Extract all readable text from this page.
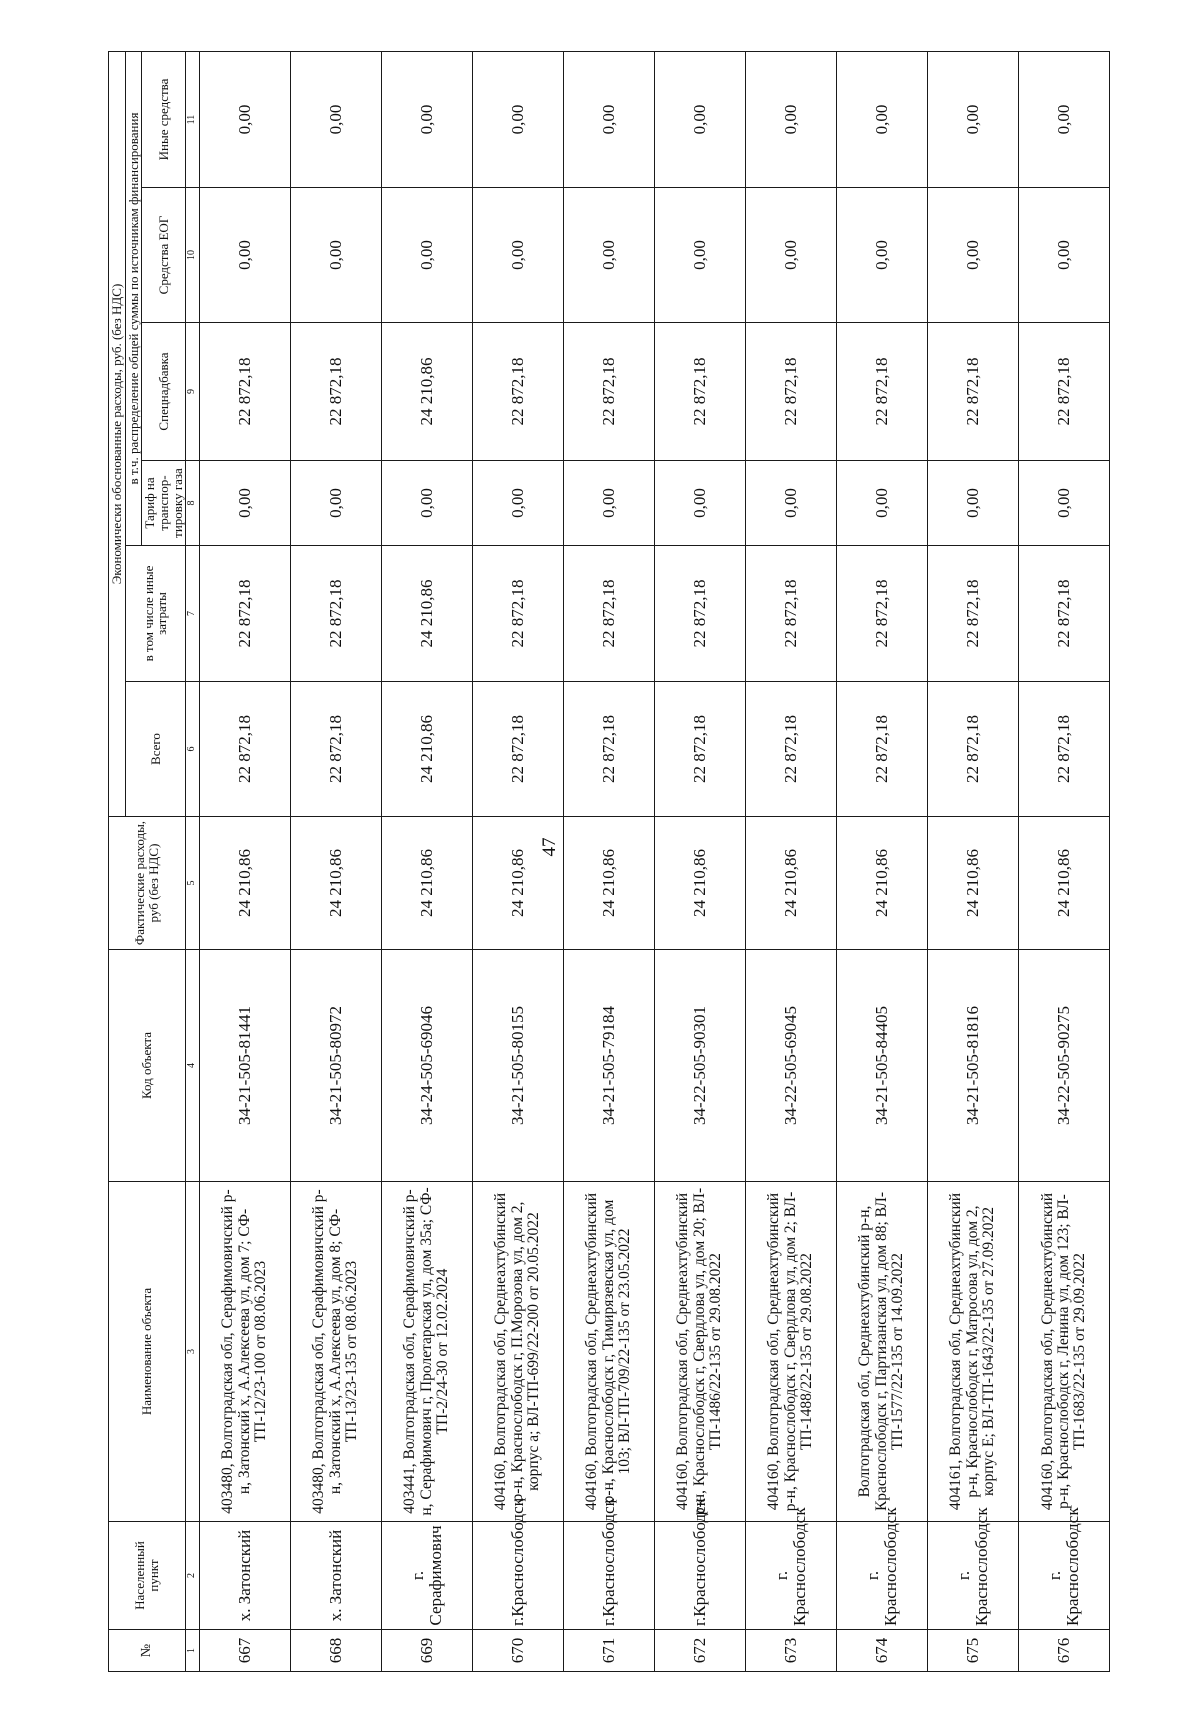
47
№	Населенный пункт	Наименование объекта	Код объекта	Фактические расходы, руб (без НДС)	Экономически обоснованные расходы, руб. (без НДС)					
					Всего	в том числе иные затраты	в т.ч. распределение общей суммы по источникам финансирования			
							Тариф на транспор-тировку газа	Спецнадбавка	Средства ЕОГ	Иные средства
1	2	3	4	5	6	7	8	9	10	11
667	х. Затонский	403480, Волгоградская обл, Серафимовичский р-н, Затонский х, А.Алексеева ул, дом 7; СФ-ТП-12/23-100 от 08.06.2023	34-21-505-81441	24 210,86	22 872,18	22 872,18	0,00	22 872,18	0,00	0,00
668	х. Затонский	403480, Волгоградская обл, Серафимовичский р-н, Затонский х, А.Алексеева ул, дом 8; СФ-ТП-13/23-135 от 08.06.2023	34-21-505-80972	24 210,86	22 872,18	22 872,18	0,00	22 872,18	0,00	0,00
669	г. Серафимович	403441, Волгоградская обл, Серафимовичский р-н, Серафимович г, Пролетарская ул, дом 35а; СФ-ТП-2/24-30 от 12.02.2024	34-24-505-69046	24 210,86	24 210,86	24 210,86	0,00	24 210,86	0,00	0,00
670	г.Краснослободск	404160, Волгоградская обл, Среднеахтубинский р-н, Краснослободск г, П.Морозова ул, дом 2, корпус а; ВЛ-ТП-699/22-200 от 20.05.2022	34-21-505-80155	24 210,86	22 872,18	22 872,18	0,00	22 872,18	0,00	0,00
671	г.Краснослободск	404160, Волгоградская обл, Среднеахтубинский р-н, Краснослободск г, Тимирязевская ул, дом 103; ВЛ-ТП-709/22-135 от 23.05.2022	34-21-505-79184	24 210,86	22 872,18	22 872,18	0,00	22 872,18	0,00	0,00
672	г.Краснослободск	404160, Волгоградская обл, Среднеахтубинский р-н, Краснослободск г, Свердлова ул, дом 20; ВЛ-ТП-1486/22-135 от 29.08.2022	34-22-505-90301	24 210,86	22 872,18	22 872,18	0,00	22 872,18	0,00	0,00
673	г. Краснослободск	404160, Волгоградская обл, Среднеахтубинский р-н, Краснослободск г, Свердлова ул, дом 2; ВЛ-ТП-1488/22-135 от 29.08.2022	34-22-505-69045	24 210,86	22 872,18	22 872,18	0,00	22 872,18	0,00	0,00
674	г. Краснослободск	Волгоградская обл, Среднеахтубинский р-н, Краснослободск г, Партизанская ул, дом 88; ВЛ-ТП-1577/22-135 от 14.09.2022	34-21-505-84405	24 210,86	22 872,18	22 872,18	0,00	22 872,18	0,00	0,00
675	г. Краснослободск	404161, Волгоградская обл, Среднеахтубинский р-н, Краснослободск г, Матросова ул, дом 2, корпус Е; ВЛ-ТП-1643/22-135 от 27.09.2022	34-21-505-81816	24 210,86	22 872,18	22 872,18	0,00	22 872,18	0,00	0,00
676	г. Краснослободск	404160, Волгоградская обл, Среднеахтубинский р-н, Краснослободск г, Ленина ул, дом 123; ВЛ-ТП-1683/22-135 от 29.09.2022	34-22-505-90275	24 210,86	22 872,18	22 872,18	0,00	22 872,18	0,00	0,00
